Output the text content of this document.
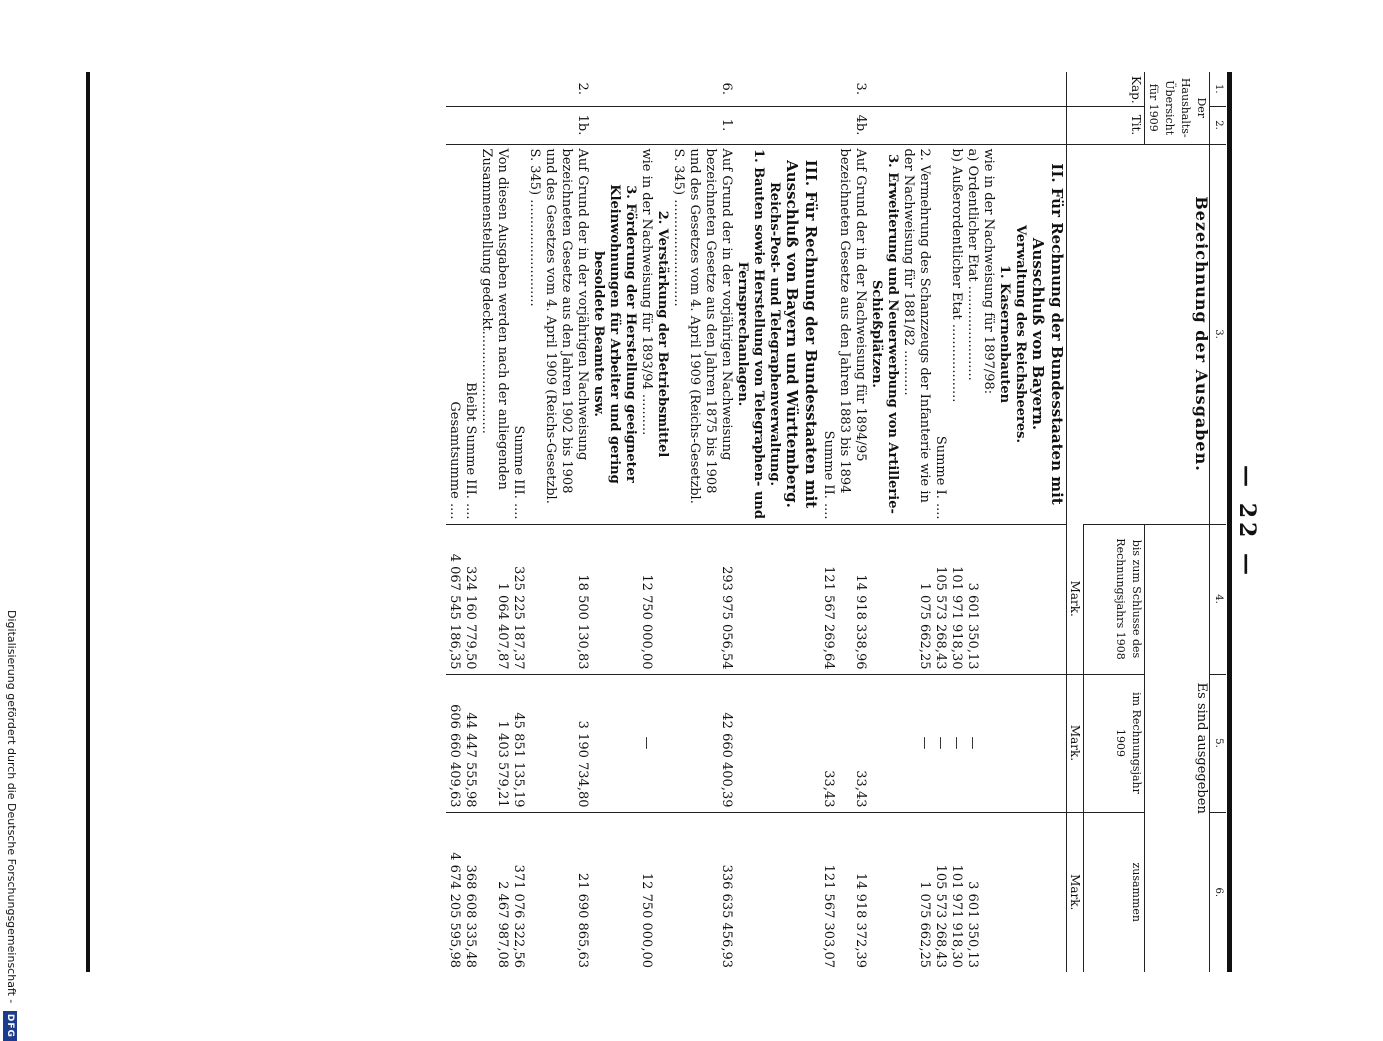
Digitalisierung gefördert durch die Deutsche Forschungsgemeinschaft - DFG
— 22 —
1.	2.	3.	4.	5.	6.
Der Haushalts-Übersicht für 1909		Bezeichnung der Ausgaben.	Es sind ausgegeben		
Kap.	Tit.		bis zum Schlusse des Rechnungsjahrs 1908	im Rechnungsjahr 1909	zusammen
			Mark.	Mark.	Mark.
		II. Für Rechnung der Bundesstaaten mit Ausschluß von Bayern.			
		Verwaltung des Reichsheeres.			
		1. Kasernenbauten			
		wie in der Nachweisung für 1897/98:			
		a) Ordentlicher Etat .......................	3 601 350,13	—	3 601 350,13
		b) Außerordentlicher Etat ...................	101 971 918,30	—	101 971 918,30
		Summe I. ....	105 573 268,43	—	105 573 268,43
		2. Vermehrung des Schanzzeugs der Infanterie wie in der Nachweisung für 1881/82 ...........	1 075 662,25	—	1 075 662,25
		3. Erweiterung und Neuerwerbung von Artillerie-Schießplätzen.			
3.	4b.	Auf Grund der in der Nachweisung für 1894/95 bezeichneten Gesetze aus den Jahren 1883 bis 1894	14 918 338,96	33,43	14 918 372,39
		Summe II. ....	121 567 269,64	33,43	121 567 303,07
		III. Für Rechnung der Bundesstaaten mit Ausschluß von Bayern und Württemberg.			
		Reichs-Post- und Telegraphenverwaltung.			
		1. Bauten sowie Herstellung von Telegraphen- und Fernsprechanlagen.			
6.	1.	Auf Grund der in der vorjährigen Nachweisung bezeichneten Gesetze aus den Jahren 1875 bis 1908 und des Gesetzes vom 4. April 1909 (Reichs-Gesetzbl. S. 345) ..........................	293 975 056,54	42 660 400,39	336 635 456,93
		2. Verstärkung der Betriebsmittel			
		wie in der Nachweisung für 1893/94 ..........	12 750 000,00	—	12 750 000,00
		3. Förderung der Herstellung geeigneter Kleinwohnungen für Arbeiter und gering besoldete Beamte usw.			
2.	1b.	Auf Grund der in der vorjährigen Nachweisung bezeichneten Gesetze aus den Jahren 1902 bis 1908 und des Gesetzes vom 4. April 1909 (Reichs-Gesetzbl. S. 345) ..........................	18 500 130,83	3 190 734,80	21 690 865,63
		Summe III. ....	325 225 187,37	45 851 135,19	371 076 322,56
		Von diesen Ausgaben werden nach der anliegenden Zusammenstellung gedeckt.........................	1 064 407,87	1 403 579,21	2 467 987,08
		Bleibt Summe III. ....	324 160 779,50	44 447 555,98	368 608 335,48
		Gesamtsumme ....	4 067 545 186,35	606 660 409,63	4 674 205 595,98
